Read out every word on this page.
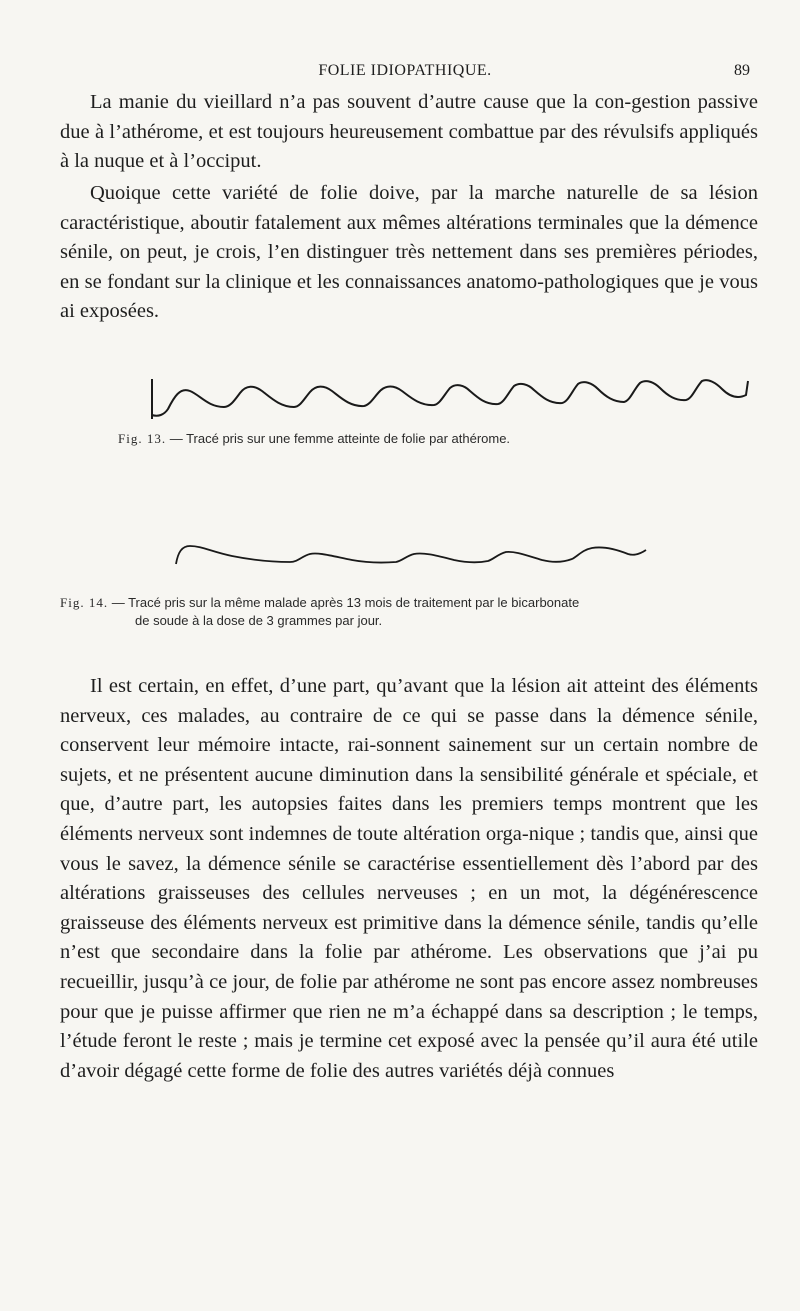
FOLIE IDIOPATHIQUE.	89

La manie du vieillard n’a pas souvent d’autre cause que la con-gestion passive due à l’athérome, et est toujours heureusement combattue par des révulsifs appliqués à la nuque et à l’occiput.

Quoique cette variété de folie doive, par la marche naturelle de sa lésion caractéristique, aboutir fatalement aux mêmes altérations terminales que la démence sénile, on peut, je crois, l’en distinguer très nettement dans ses premières périodes, en se fondant sur la clinique et les connaissances anatomo-pathologiques que je vous ai exposées.

Fig. 13. — Tracé pris sur une femme atteinte de folie par athérome.
Fig. 14. — Tracé pris sur la même malade après 13 mois de traitement par le bicarbonate
de soude à la dose de 3 grammes par jour.

Il est certain, en effet, d’une part, qu’avant que la lésion ait atteint des éléments nerveux, ces malades, au contraire de ce qui se passe dans la démence sénile, conservent leur mémoire intacte, rai-sonnent sainement sur un certain nombre de sujets, et ne présentent aucune diminution dans la sensibilité générale et spéciale, et que, d’autre part, les autopsies faites dans les premiers temps montrent que les éléments nerveux sont indemnes de toute altération orga-nique ; tandis que, ainsi que vous le savez, la démence sénile se caractérise essentiellement dès l’abord par des altérations graisseuses des cellules nerveuses ; en un mot, la dégénérescence graisseuse des éléments nerveux est primitive dans la démence sénile, tandis qu’elle n’est que secondaire dans la folie par athérome. Les observations que j’ai pu recueillir, jusqu’à ce jour, de folie par athérome ne sont pas encore assez nombreuses pour que je puisse affirmer que rien ne m’a échappé dans sa description ; le temps, l’étude feront le reste ; mais je termine cet exposé avec la pensée qu’il aura été utile d’avoir dégagé cette forme de folie des autres variétés déjà connues
